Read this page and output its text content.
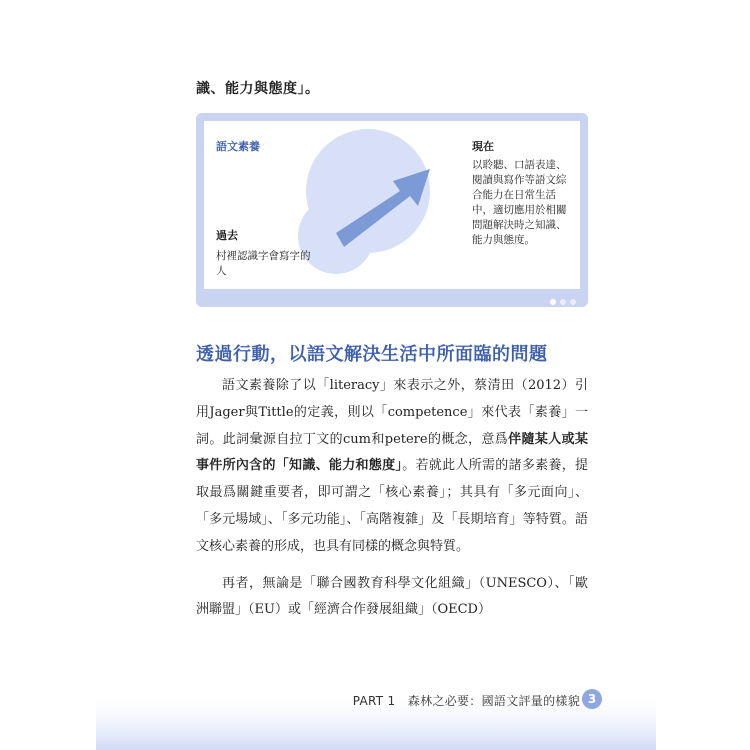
識、能力與態度」。
語文素養	現在
以聆聽、口語表達、閱讀與寫作等語文綜合能力在日常生活中，適切應用於相關問題解決時之知識、能力與態度。
過去
村裡認識字會寫字的人
透過行動，以語文解決生活中所面臨的問題

語文素養除了以「literacy」來表示之外，蔡清田（2012）引用Jager與Tittle的定義，則以「competence」來代表「素養」一詞。此詞彙源自拉丁文的cum和petere的概念，意爲伴隨某人或某事件所內含的「知識、能力和態度」。若就此人所需的諸多素養，提取最爲關鍵重要者，即可謂之「核心素養」；其具有「多元面向」、「多元場域」、「多元功能」、「高階複雜」及「長期培育」等特質。語文核心素養的形成，也具有同樣的概念與特質。

再者，無論是「聯合國教育科學文化組織」（UNESCO）、「歐洲聯盟」（EU）或「經濟合作發展組織」（OECD）

PART 1　森林之必要：國語文評量的樣貌 3
